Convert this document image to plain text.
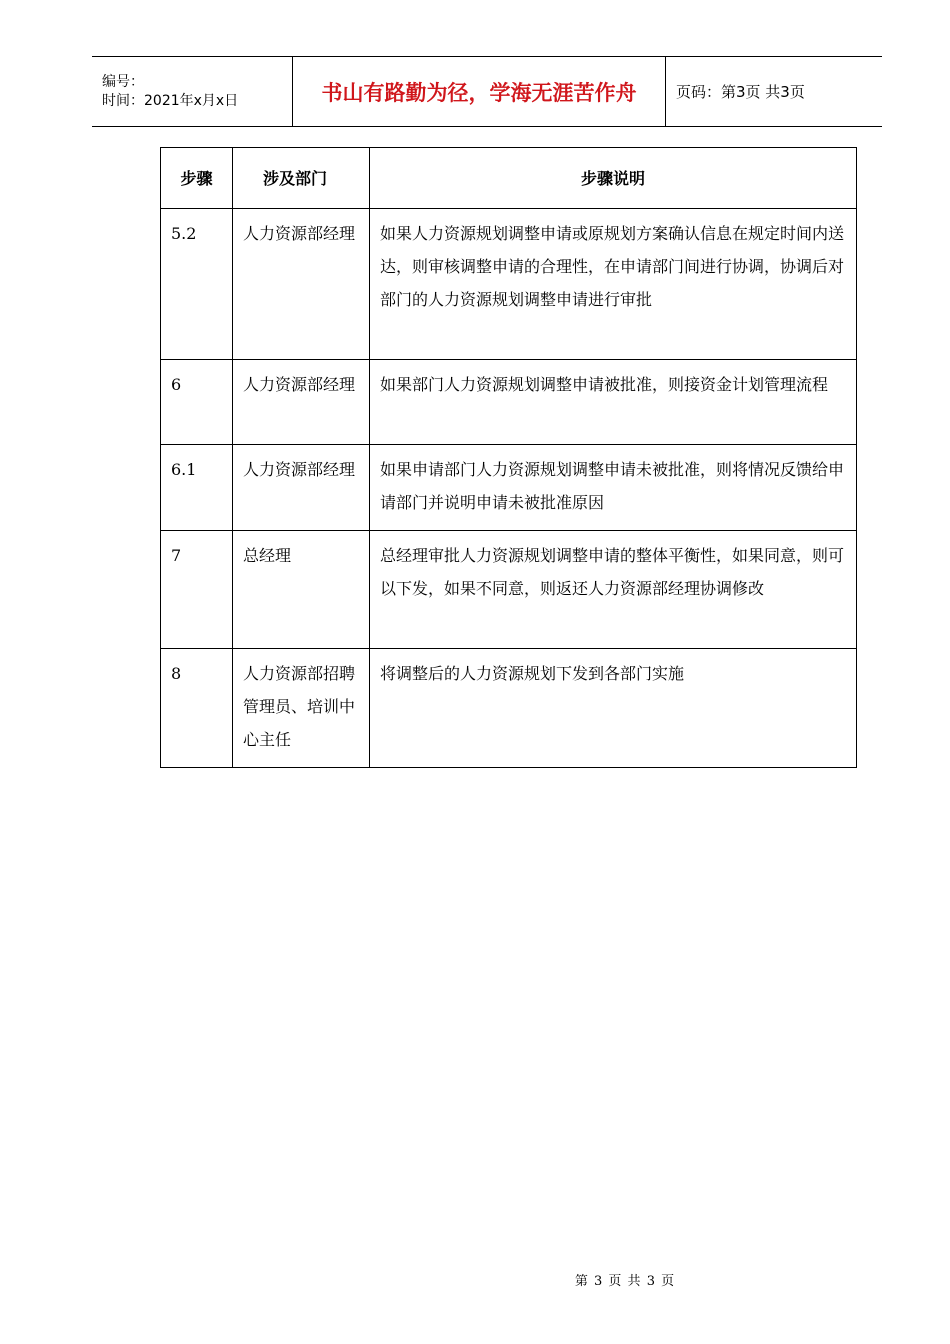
编号：
时间：2021年x月x日	书山有路勤为径，学海无涯苦作舟	页码：第3页 共3页
步骤	涉及部门	步骤说明
5.2	人力资源部经理	如果人力资源规划调整申请或原规划方案确认信息在规定时间内送达，则审核调整申请的合理性，在申请部门间进行协调，协调后对部门的人力资源规划调整申请进行审批
6	人力资源部经理	如果部门人力资源规划调整申请被批准，则接资金计划管理流程
6.1	人力资源部经理	如果申请部门人力资源规划调整申请未被批准，则将情况反馈给申请部门并说明申请未被批准原因
7	总经理	总经理审批人力资源规划调整申请的整体平衡性，如果同意，则可以下发，如果不同意，则返还人力资源部经理协调修改
8	人力资源部招聘管理员、培训中心主任	将调整后的人力资源规划下发到各部门实施
第 3 页 共 3 页
